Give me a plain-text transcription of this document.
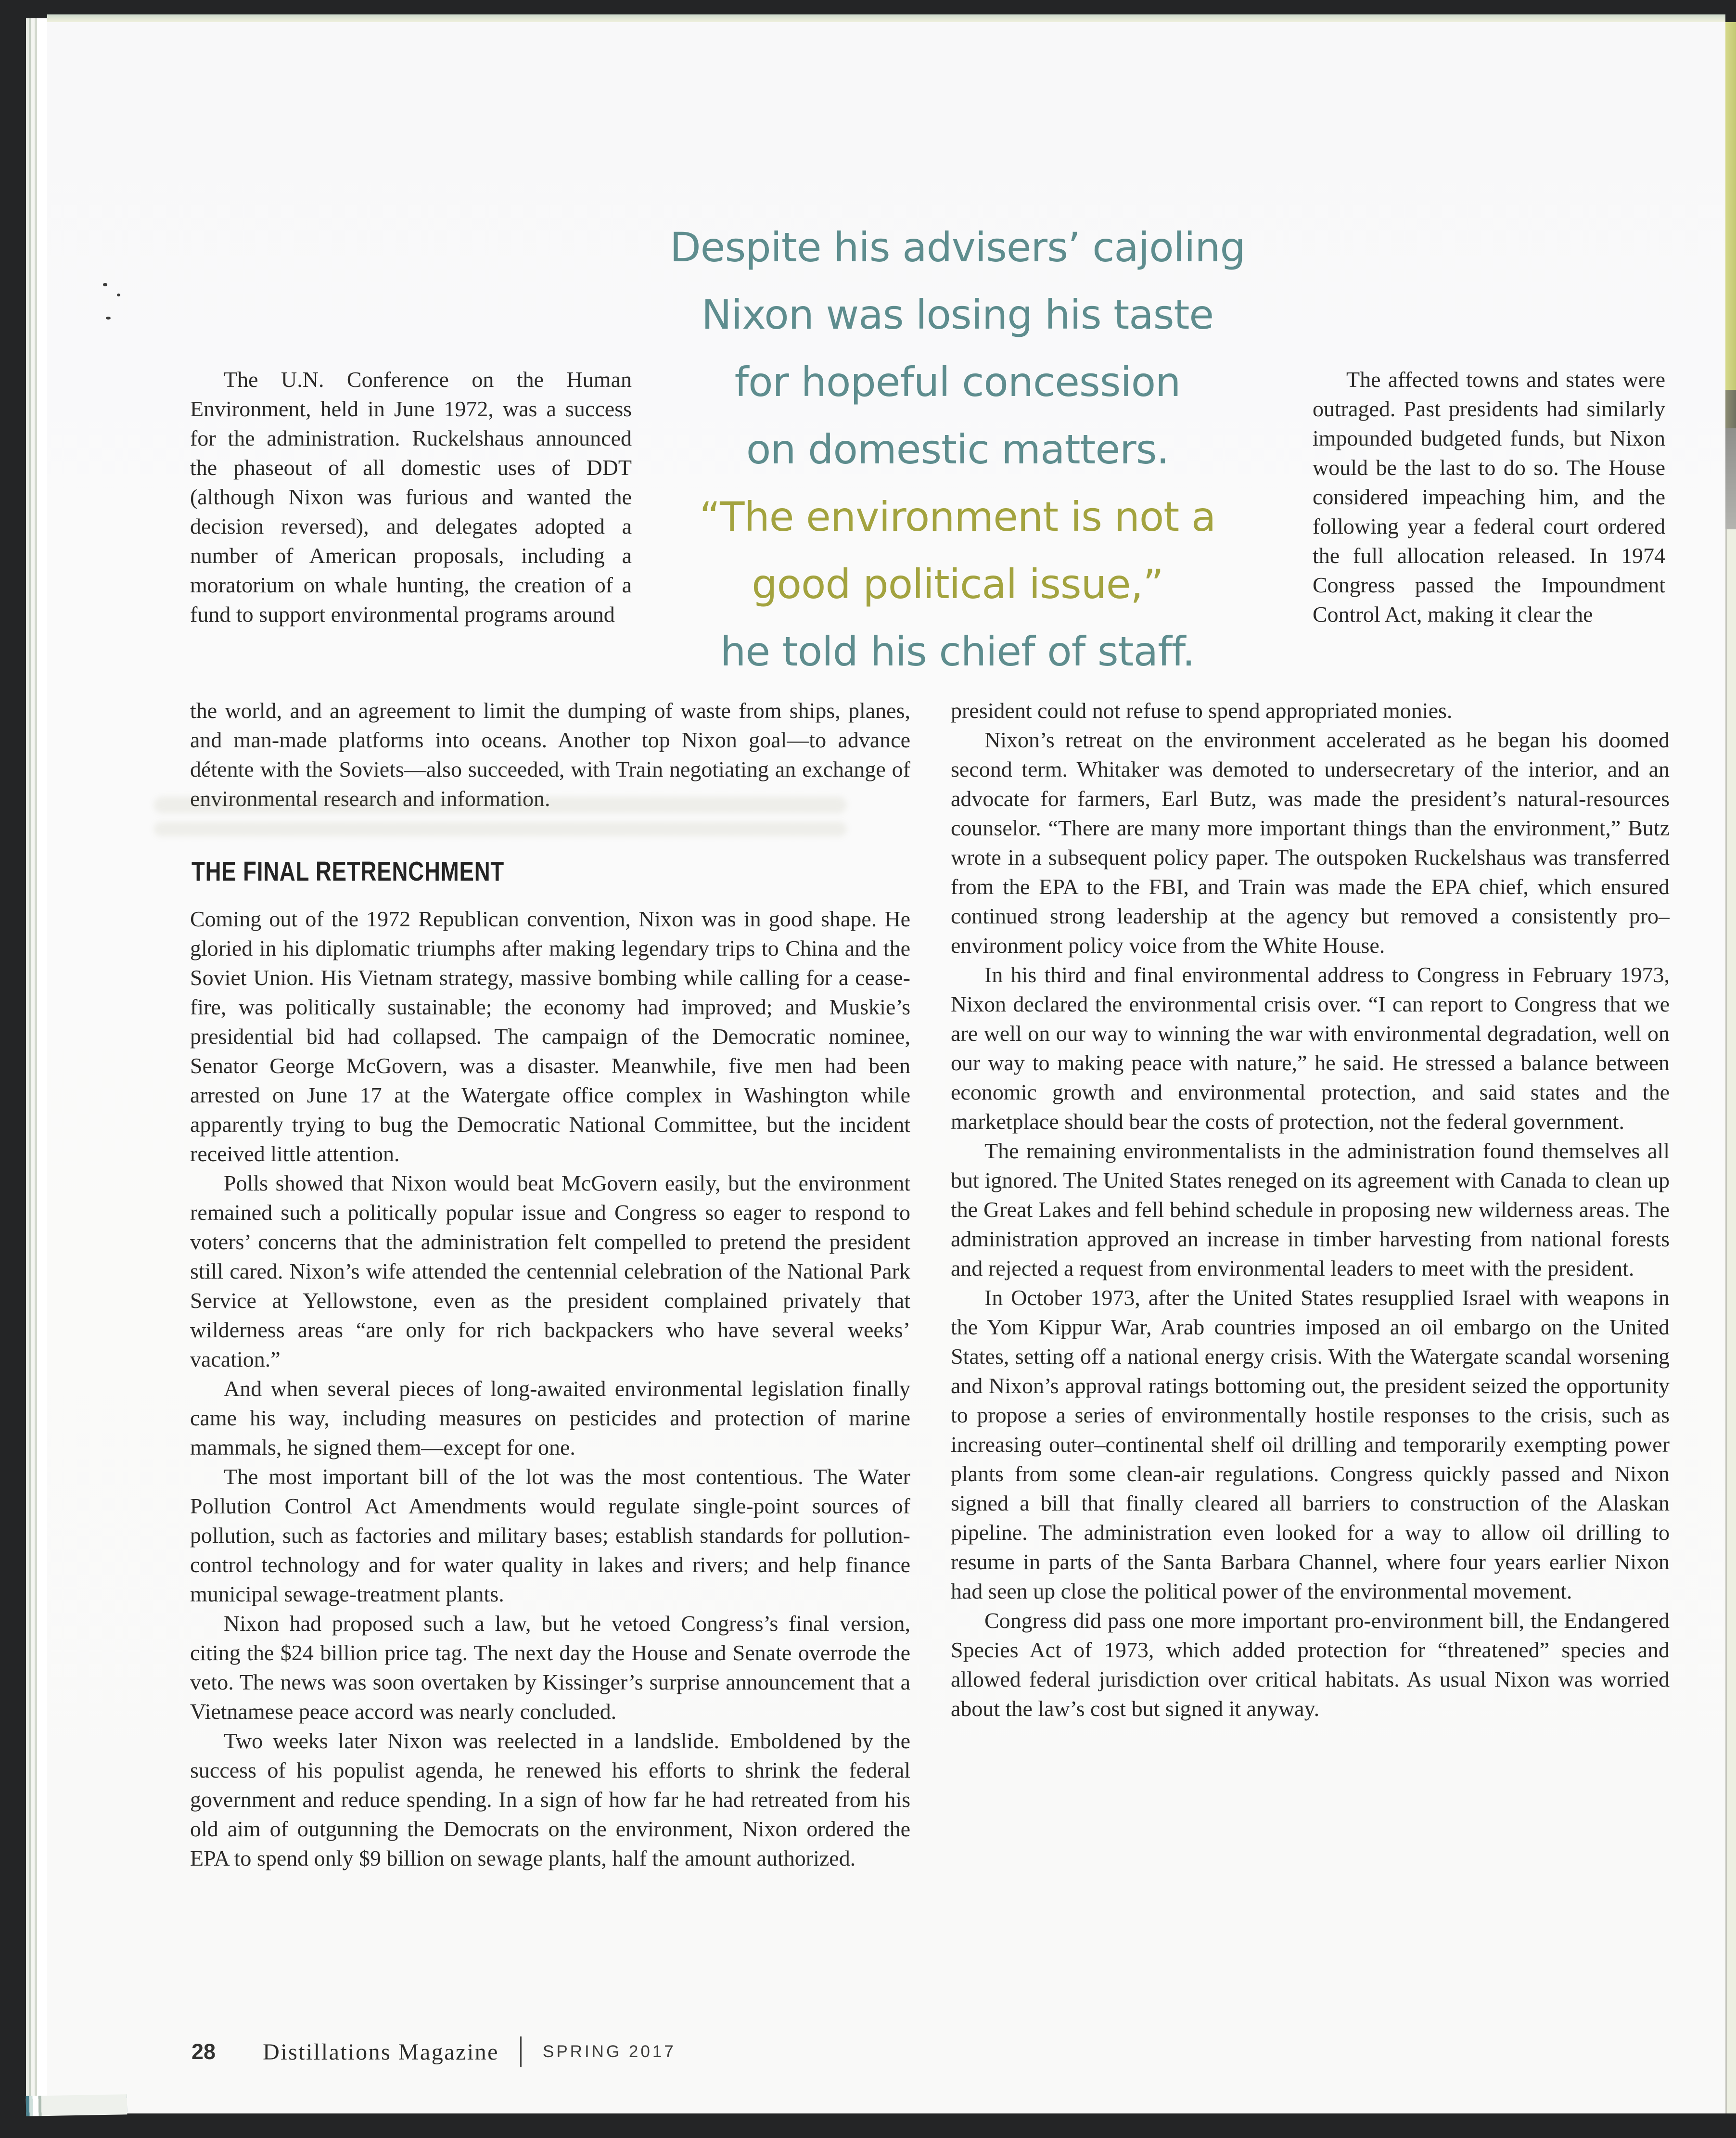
Despite his advisers’ cajoling
Nixon was losing his taste
for hopeful concession
on domestic matters.
“The environment is not a
good political issue,”
he told his chief of staff.

The U.N. Conference on the Human Environment, held in June 1972, was a success for the administration. Ruckelshaus announced the phaseout of all domestic uses of DDT (although Nixon was furious and wanted the decision reversed), and delegates adopted a number of American proposals, including a moratorium on whale hunting, the creation of a fund to support environmental programs around

The affected towns and states were outraged. Past presidents had similarly impounded budgeted funds, but Nixon would be the last to do so. The House considered impeaching him, and the following year a federal court ordered the full allocation released. In 1974 Congress passed the Impoundment Control Act, making it clear the

the world, and an agreement to limit the dumping of waste from ships, planes, and man-made platforms into oceans. Another top Nixon goal—to advance détente with the Soviets—also succeeded, with Train negotiating an exchange of environmental research and information.

THE FINAL RETRENCHMENT

Coming out of the 1972 Republican convention, Nixon was in good shape. He gloried in his diplomatic triumphs after making legendary trips to China and the Soviet Union. His Vietnam strategy, massive bombing while calling for a cease-fire, was politically sustainable; the economy had improved; and Muskie’s presidential bid had collapsed. The campaign of the Democratic nominee, Senator George McGovern, was a disaster. Meanwhile, five men had been arrested on June 17 at the Watergate office complex in Washington while apparently trying to bug the Democratic National Committee, but the incident received little attention.

Polls showed that Nixon would beat McGovern easily, but the environment remained such a politically popular issue and Congress so eager to respond to voters’ concerns that the administration felt compelled to pretend the president still cared. Nixon’s wife attended the centennial celebration of the National Park Service at Yellowstone, even as the president complained privately that wilderness areas “are only for rich backpackers who have several weeks’ vacation.”

And when several pieces of long-awaited environmental legislation finally came his way, including measures on pesticides and protection of marine mammals, he signed them—except for one.

The most important bill of the lot was the most contentious. The Water Pollution Control Act Amendments would regulate single-point sources of pollution, such as factories and military bases; establish standards for pollution-control technology and for water quality in lakes and rivers; and help finance municipal sewage-treatment plants.

Nixon had proposed such a law, but he vetoed Congress’s final version, citing the $24 billion price tag. The next day the House and Senate overrode the veto. The news was soon overtaken by Kissinger’s surprise announcement that a Vietnamese peace accord was nearly concluded.

Two weeks later Nixon was reelected in a landslide. Emboldened by the success of his populist agenda, he renewed his efforts to shrink the federal government and reduce spending. In a sign of how far he had retreated from his old aim of outgunning the Democrats on the environment, Nixon ordered the EPA to spend only $9 billion on sewage plants, half the amount authorized.

president could not refuse to spend appropriated monies.

Nixon’s retreat on the environment accelerated as he began his doomed second term. Whitaker was demoted to undersecretary of the interior, and an advocate for farmers, Earl Butz, was made the president’s natural-resources counselor. “There are many more important things than the environment,” Butz wrote in a subsequent policy paper. The outspoken Ruckelshaus was transferred from the EPA to the FBI, and Train was made the EPA chief, which ensured continued strong leadership at the agency but removed a consistently pro–environment policy voice from the White House.

In his third and final environmental address to Congress in February 1973, Nixon declared the environmental crisis over. “I can report to Congress that we are well on our way to winning the war with environmental degradation, well on our way to making peace with nature,” he said. He stressed a balance between economic growth and environmental protection, and said states and the marketplace should bear the costs of protection, not the federal government.

The remaining environmentalists in the administration found themselves all but ignored. The United States reneged on its agreement with Canada to clean up the Great Lakes and fell behind schedule in proposing new wilderness areas. The administration approved an increase in timber harvesting from national forests and rejected a request from environmental leaders to meet with the president.

In October 1973, after the United States resupplied Israel with weapons in the Yom Kippur War, Arab countries imposed an oil embargo on the United States, setting off a national energy crisis. With the Watergate scandal worsening and Nixon’s approval ratings bottoming out, the president seized the opportunity to propose a series of environmentally hostile responses to the crisis, such as increasing outer–continental shelf oil drilling and temporarily exempting power plants from some clean-air regulations. Congress quickly passed and Nixon signed a bill that finally cleared all barriers to construction of the Alaskan pipeline. The administration even looked for a way to allow oil drilling to resume in parts of the Santa Barbara Channel, where four years earlier Nixon had seen up close the political power of the environmental movement.

Congress did pass one more important pro-environment bill, the Endangered Species Act of 1973, which added protection for “threatened” species and allowed federal jurisdiction over critical habitats. As usual Nixon was worried about the law’s cost but signed it anyway.

28 Distillations Magazine	SPRING 2017
